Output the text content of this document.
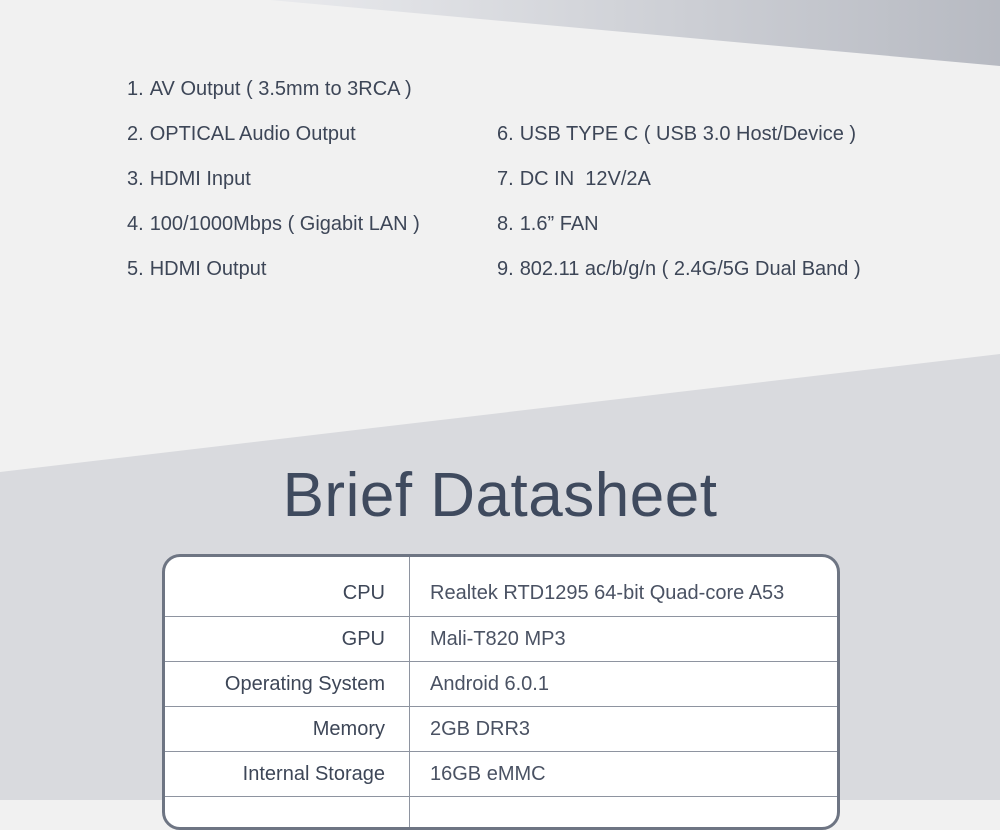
1. AV Output ( 3.5mm to 3RCA )
2. OPTICAL Audio Output
3. HDMI Input
4. 100/1000Mbps ( Gigabit LAN )
5. HDMI Output
6. USB TYPE C ( USB 3.0 Host/Device )
7. DC IN  12V/2A
8. 1.6” FAN
9. 802.11 ac/b/g/n ( 2.4G/5G Dual Band )
Brief Datasheet
CPU	Realtek RTD1295 64-bit Quad-core A53
GPU	Mali-T820 MP3
Operating System	Android 6.0.1
Memory	2GB DRR3
Internal Storage	16GB eMMC
